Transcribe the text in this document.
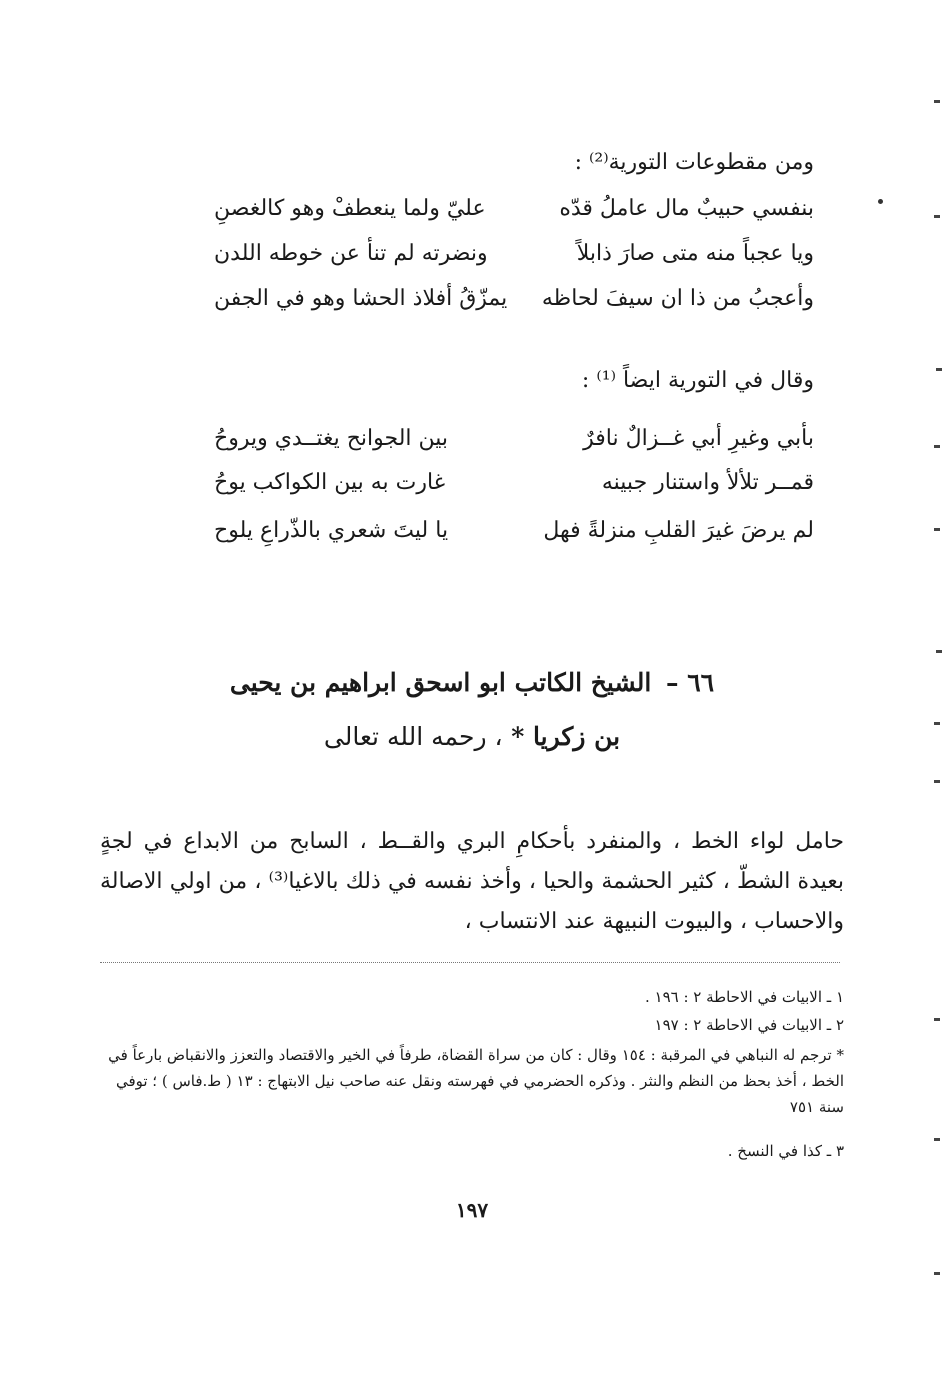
ومن مقطوعات التورية⁽²⁾ :
بنفسي حبيبٌ مال عاملُ قدّه
عليّ ولما ينعطفْ وهو كالغصنِ
ويا عجباً منه متى صارَ ذابلاً
ونضرته لم تنأ عن خوطه اللدن
وأعجبُ من ذا ان سيفَ لحاظه
يمزّقُ أفلاذ الحشا وهو في الجفن
وقال في التورية ايضاً ⁽¹⁾ :
بأبي وغيرِ أبي غــزالٌ نافرٌ
بين الجوانح يغتــدي ويروحُ
قمــر تلألأ واستنار جبينه
غارت به بين الكواكب يوحُ
لم يرضَ غيرَ القلبِ منزلةً فهل
يا ليتَ شعري بالذّراعِ يلوح
٦٦ – الشيخ الكاتب ابو اسحق ابراهيم بن يحيى
بن زكريا * ، رحمه الله تعالى
حامل لواء الخط ، والمنفرد بأحكامِ البري والقــط ، السابح من الابداع في لجةٍ بعيدة الشطّ ، كثير الحشمة والحيا ، وأخذ نفسه في ذلك بالاغيا⁽³⁾ ، من اولي الاصالة والاحساب ، والبيوت النبيهة عند الانتساب ،
١ ـ الابيات في الاحاطة ٢ : ١٩٦ .
٢ ـ الابيات في الاحاطة ٢ : ١٩٧
* ترجم له النباهي في المرقبة : ١٥٤ وقال : كان من سراة القضاة، طرفاً في الخير والاقتصاد والتعزز والانقباض بارعاً في الخط ، أخذ بحظ من النظم والنثر . وذكره الحضرمي في فهرسته ونقل عنه صاحب نيل الابتهاج : ١٣ ( ط.فاس ) ؛ توفي سنة ٧٥١
٣ ـ كذا في النسخ .
١٩٧
